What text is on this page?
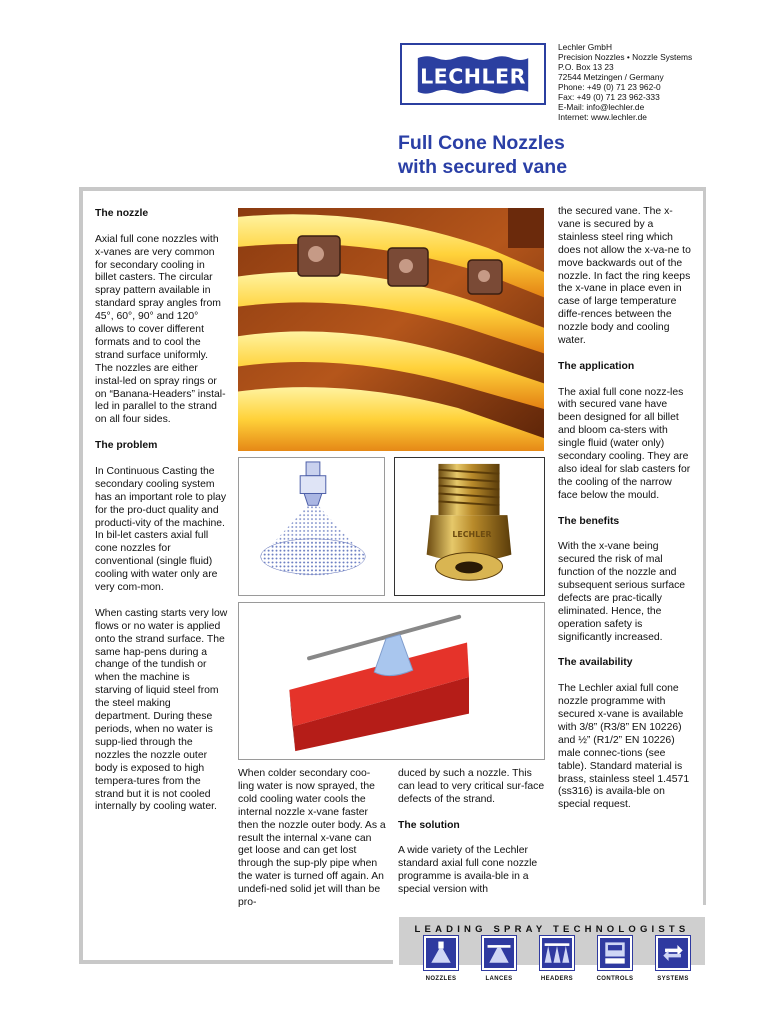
LECHLER
Lechler GmbH
Precision Nozzles • Nozzle Systems
P.O. Box 13 23
72544 Metzingen / Germany
Phone: +49 (0) 71 23 962-0
Fax: +49 (0) 71 23 962-333
E-Mail: info@lechler.de
Internet: www.lechler.de
Full Cone Nozzles
with secured vane
The nozzle

Axial full cone nozzles with x-vanes are very common for secondary cooling in billet casters. The circular spray pattern available in standard spray angles from 45°, 60°, 90° and 120° allows to cover different formats and to cool the strand surface uniformly. The nozzles are either instal-led on spray rings or on “Banana-Headers” instal-led in parallel to the strand on all four sides.

The problem

In Continuous Casting the secondary cooling system has an important role to play for the pro-duct quality and producti-vity of the machine. In bil-let casters axial full cone nozzles for conventional (single fluid) cooling with water only are very com-mon.

When casting starts very low flows or no water is applied onto the strand surface. The same hap-pens during a change of the tundish or when the machine is starving of liquid steel from the steel making department. During these periods, when no water is supp-lied through the nozzles the nozzle outer body is exposed to high tempera-tures from the strand but it is not cooled internally by cooling water.

LECHLER

When colder secondary coo-ling water is now sprayed, the cold cooling water cools the internal nozzle x-vane faster then the nozzle outer body. As a result the internal x-vane can get loose and can get lost through the sup-ply pipe when the water is turned off again. An undefi-ned solid jet will than be pro-

duced by such a nozzle. This can lead to very critical sur-face defects of the strand.

The solution

A wide variety of the Lechler standard axial full cone nozzle programme is availa-ble in a special version with

the secured vane. The x-vane is secured by a stainless steel ring which does not allow the x-va-ne to move backwards out of the nozzle. In fact the ring keeps the x-vane in place even in case of large temperature diffe-rences between the nozzle body and cooling water.

The application

The axial full cone nozz-les with secured vane have been designed for all billet and bloom ca-sters with single fluid (water only) secondary cooling. They are also ideal for slab casters for the cooling of the narrow face below the mould.

The benefits

With the x-vane being secured the risk of mal function of the nozzle and subsequent serious surface defects are prac-tically eliminated. Hence, the operation safety is significantly increased.

The availability

The Lechler axial full cone nozzle programme with secured x-vane is available with 3/8” (R3/8” EN 10226) and ½” (R1/2” EN 10226) male connec-tions (see table). Standard material is brass, stainless steel 1.4571 (ss316) is availa-ble on special request.

LEADING SPRAY TECHNOLOGISTS
NOZZLES	LANCES	HEADERS	CONTROLS	SYSTEMS
